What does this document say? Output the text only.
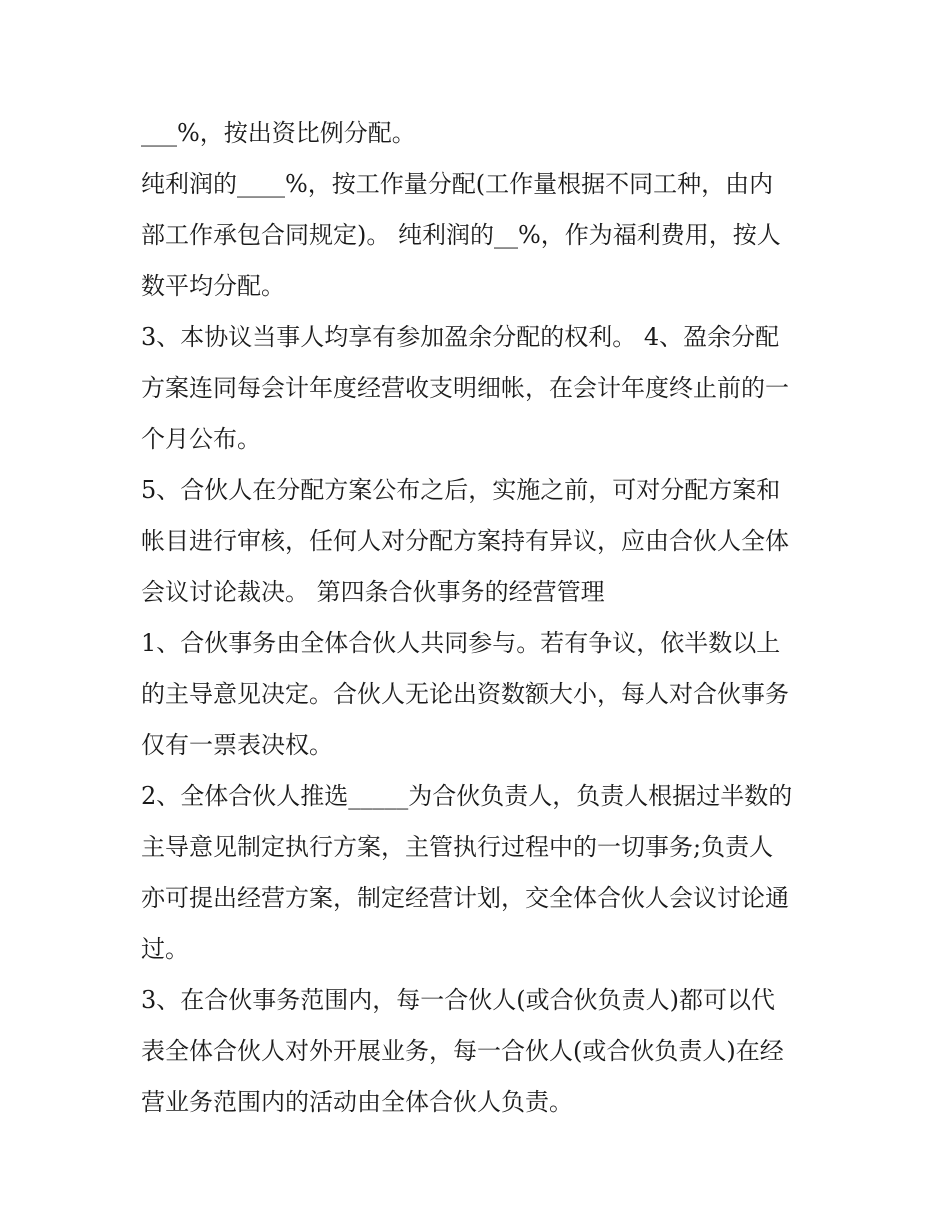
___%，按出资比例分配。

纯利润的____%，按工作量分配(工作量根据不同工种，由内

部工作承包合同规定)。 纯利润的__%，作为福利费用，按人

数平均分配。

3、本协议当事人均享有参加盈余分配的权利。 4、盈余分配

方案连同每会计年度经营收支明细帐，在会计年度终止前的一

个月公布。

5、合伙人在分配方案公布之后，实施之前，可对分配方案和

帐目进行审核，任何人对分配方案持有异议，应由合伙人全体

会议讨论裁决。 第四条合伙事务的经营管理

1、合伙事务由全体合伙人共同参与。若有争议，依半数以上

的主导意见决定。合伙人无论出资数额大小，每人对合伙事务

仅有一票表决权。

2、全体合伙人推选_____为合伙负责人，负责人根据过半数的

主导意见制定执行方案，主管执行过程中的一切事务;负责人

亦可提出经营方案，制定经营计划，交全体合伙人会议讨论通

过。

3、在合伙事务范围内，每一合伙人(或合伙负责人)都可以代

表全体合伙人对外开展业务，每一合伙人(或合伙负责人)在经

营业务范围内的活动由全体合伙人负责。
